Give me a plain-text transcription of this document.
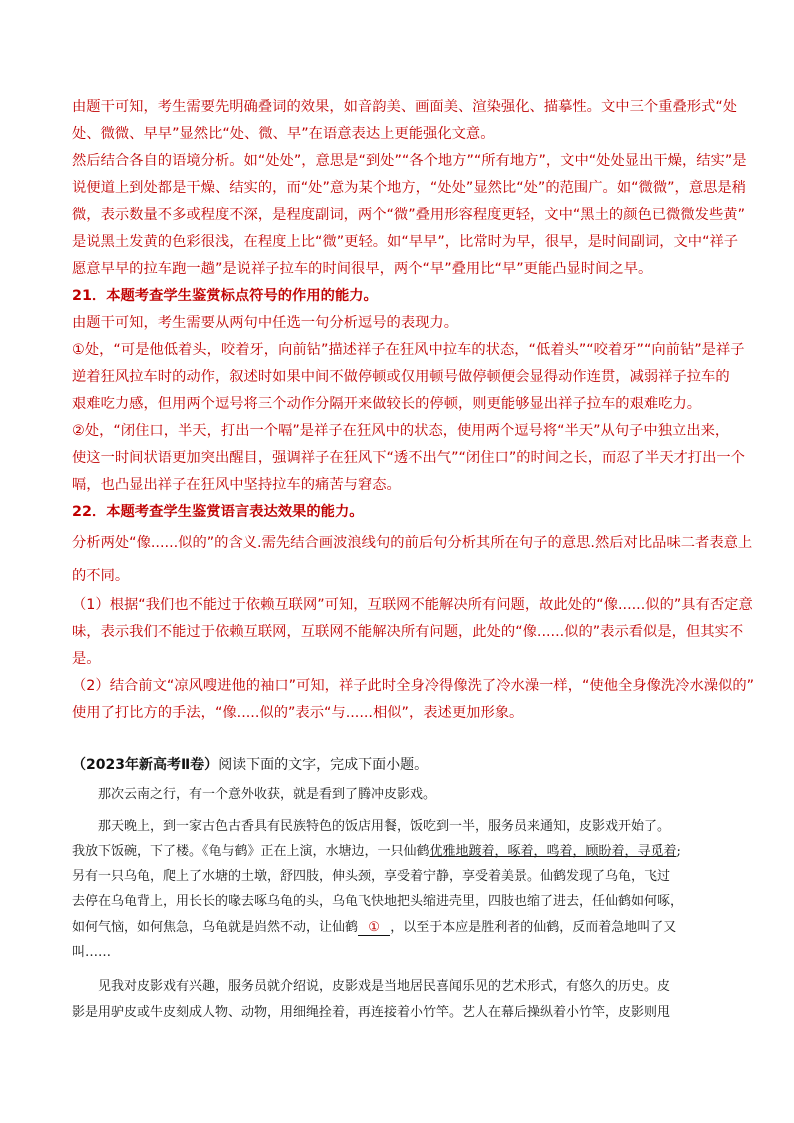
由题干可知，考生需要先明确叠词的效果，如音韵美、画面美、渲染强化、描摹性。文中三个重叠形式“处
处、微微、早早”显然比“处、微、早”在语意表达上更能强化文意。
然后结合各自的语境分析。如“处处”，意思是“到处”“各个地方”“所有地方”，文中“处处显出干燥，结实”是
说便道上到处都是干燥、结实的，而“处”意为某个地方，“处处”显然比“处”的范围广。如“微微”，意思是稍
微，表示数量不多或程度不深，是程度副词，两个“微”叠用形容程度更轻，文中“黑土的颜色已微微发些黄”
是说黑土发黄的色彩很浅，在程度上比“微”更轻。如“早早”，比常时为早，很早，是时间副词，文中“祥子
愿意早早的拉车跑一趟”是说祥子拉车的时间很早，两个“早”叠用比“早”更能凸显时间之早。
21．本题考查学生鉴赏标点符号的作用的能力。
由题干可知，考生需要从两句中任选一句分析逗号的表现力。
①处，“可是他低着头，咬着牙，向前钻”描述祥子在狂风中拉车的状态，“低着头”“咬着牙”“向前钻”是祥子
逆着狂风拉车时的动作，叙述时如果中间不做停顿或仅用顿号做停顿便会显得动作连贯，减弱祥子拉车的
艰难吃力感，但用两个逗号将三个动作分隔开来做较长的停顿，则更能够显出祥子拉车的艰难吃力。
②处，“闭住口，半天，打出一个嗝”是祥子在狂风中的状态，使用两个逗号将“半天”从句子中独立出来，
使这一时间状语更加突出醒目，强调祥子在狂风下“透不出气”“闭住口”的时间之长，而忍了半天才打出一个
嗝，也凸显出祥子在狂风中坚持拉车的痛苦与窘态。
22．本题考查学生鉴赏语言表达效果的能力。
分析两处“像......似的”的含义.需先结合画波浪线句的前后句分析其所在句子的意思.然后对比品味二者表意上
的不同。
（1）根据“我们也不能过于依赖互联网”可知，互联网不能解决所有问题，故此处的“像......似的”具有否定意
味，表示我们不能过于依赖互联网，互联网不能解决所有问题，此处的“像......似的”表示看似是，但其实不
是。
（2）结合前文“凉风嗖进他的袖口”可知，祥子此时全身冷得像洗了冷水澡一样，“使他全身像洗冷水澡似的”
使用了打比方的手法，“像.....似的”表示“与......相似”，表述更加形象。
（2023年新高考Ⅱ卷）阅读下面的文字，完成下面小题。
那次云南之行，有一个意外收获，就是看到了腾冲皮影戏。
那天晚上，到一家古色古香具有民族特色的饭店用餐，饭吃到一半，服务员来通知，皮影戏开始了。
我放下饭碗，下了楼。《龟与鹤》正在上演，水塘边，一只仙鹤优雅地踱着，啄着，鸣着，顾盼着，寻觅着;
另有一只乌龟，爬上了水塘的土墩，舒四肢，伸头颈，享受着宁静，享受着美景。仙鹤发现了乌龟，飞过
去停在乌龟背上，用长长的喙去啄乌龟的头，乌龟飞快地把头缩进壳里，四肢也缩了进去，任仙鹤如何啄，
如何气恼，如何焦急，乌龟就是岿然不动，让仙鹤 ① ，以至于本应是胜利者的仙鹤，反而着急地叫了又
叫……
见我对皮影戏有兴趣，服务员就介绍说，皮影戏是当地居民喜闻乐见的艺术形式，有悠久的历史。皮
影是用驴皮或牛皮刻成人物、动物，用细绳拴着，再连接着小竹竿。艺人在幕后操纵着小竹竿，皮影则甩
